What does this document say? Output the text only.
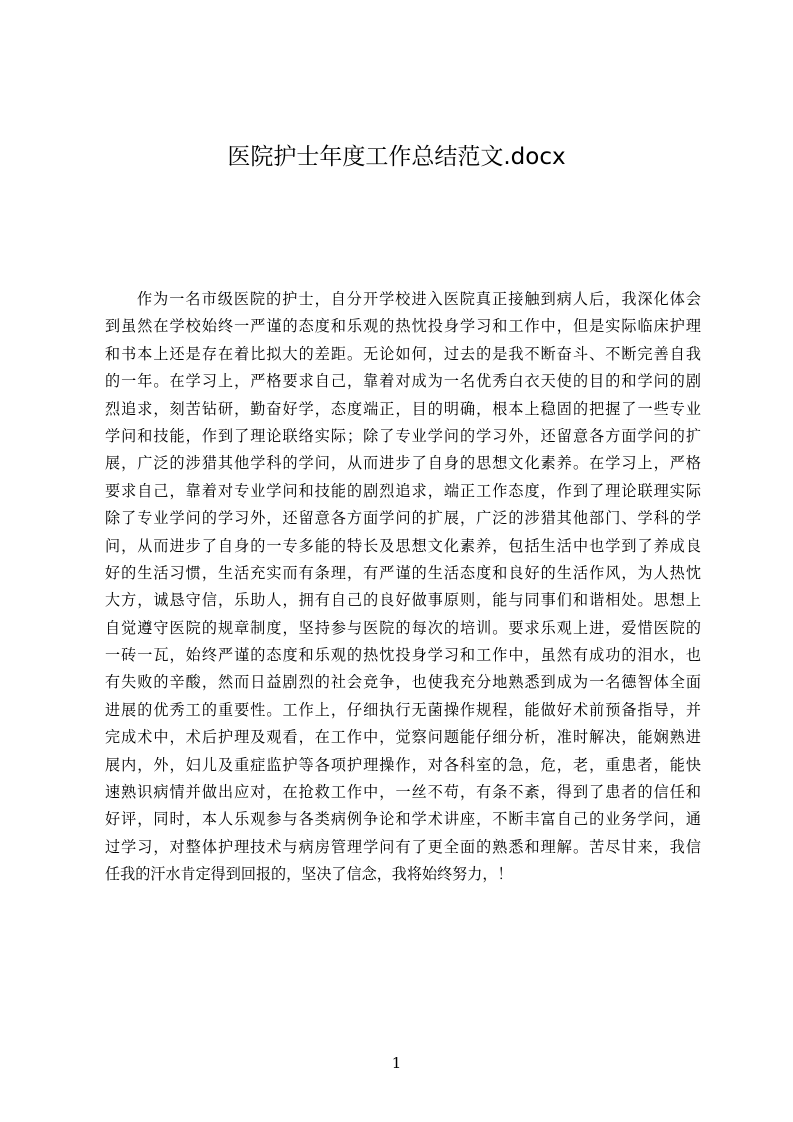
医院护士年度工作总结范文.docx
作为一名市级医院的护士，自分开学校进入医院真正接触到病人后，我深化体会
到虽然在学校始终一严谨的态度和乐观的热忱投身学习和工作中，但是实际临床护理
和书本上还是存在着比拟大的差距。无论如何，过去的是我不断奋斗、不断完善自我
的一年。在学习上，严格要求自己，靠着对成为一名优秀白衣天使的目的和学问的剧
烈追求，刻苦钻研，勤奋好学，态度端正，目的明确，根本上稳固的把握了一些专业
学问和技能，作到了理论联络实际；除了专业学问的学习外，还留意各方面学问的扩
展，广泛的涉猎其他学科的学问，从而进步了自身的思想文化素养。在学习上，严格
要求自己，靠着对专业学问和技能的剧烈追求，端正工作态度，作到了理论联理实际
除了专业学问的学习外，还留意各方面学问的扩展，广泛的涉猎其他部门、学科的学
问，从而进步了自身的一专多能的特长及思想文化素养，包括生活中也学到了养成良
好的生活习惯，生活充实而有条理，有严谨的生活态度和良好的生活作风，为人热忱
大方，诚恳守信，乐助人，拥有自己的良好做事原则，能与同事们和谐相处。思想上
自觉遵守医院的规章制度，坚持参与医院的每次的培训。要求乐观上进，爱惜医院的
一砖一瓦，始终严谨的态度和乐观的热忱投身学习和工作中，虽然有成功的泪水，也
有失败的辛酸，然而日益剧烈的社会竞争，也使我充分地熟悉到成为一名德智体全面
进展的优秀工的重要性。工作上，仔细执行无菌操作规程，能做好术前预备指导，并
完成术中，术后护理及观看，在工作中，觉察问题能仔细分析，准时解决，能娴熟进
展内，外，妇儿及重症监护等各项护理操作，对各科室的急，危，老，重患者，能快
速熟识病情并做出应对，在抢救工作中，一丝不苟，有条不紊，得到了患者的信任和
好评，同时，本人乐观参与各类病例争论和学术讲座，不断丰富自己的业务学问，通
过学习，对整体护理技术与病房管理学问有了更全面的熟悉和理解。苦尽甘来，我信
任我的汗水肯定得到回报的，坚决了信念，我将始终努力，！
1
